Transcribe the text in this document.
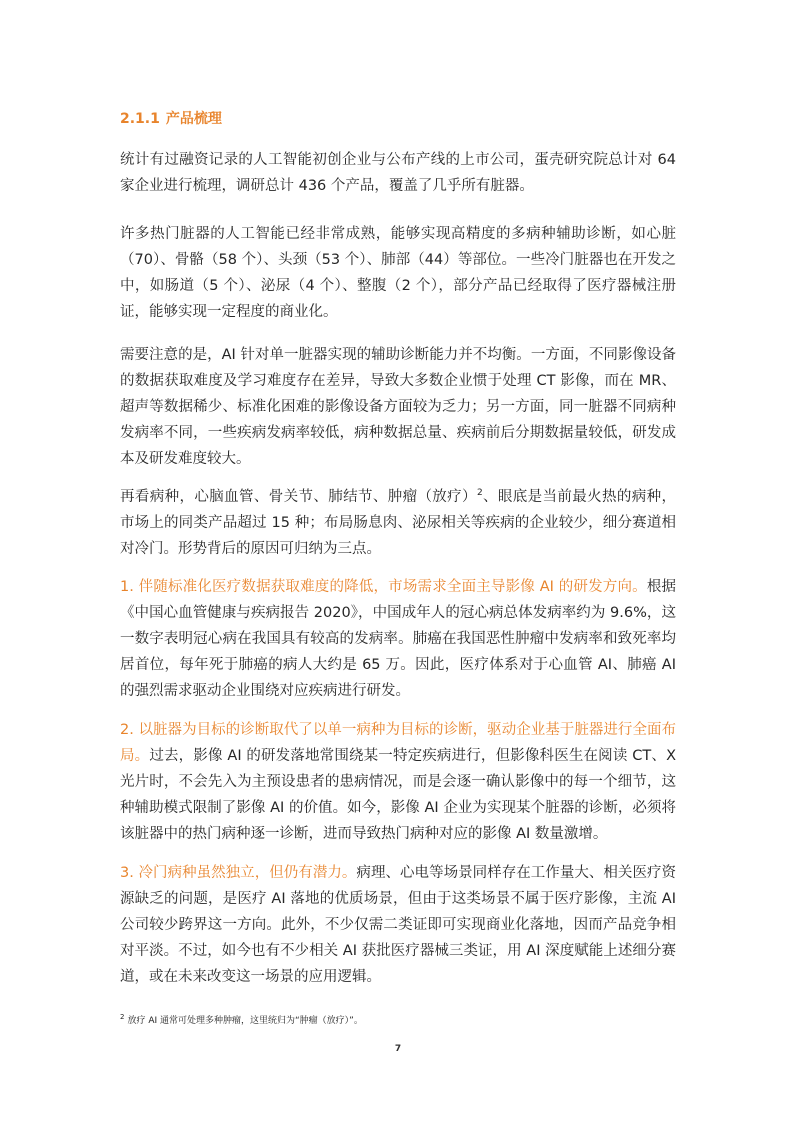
2.1.1 产品梳理

统计有过融资记录的人工智能初创企业与公布产线的上市公司，蛋壳研究院总计对 64 家企业进行梳理，调研总计 436 个产品，覆盖了几乎所有脏器。

许多热门脏器的人工智能已经非常成熟，能够实现高精度的多病种辅助诊断，如心脏（70）、骨骼（58 个）、头颈（53 个）、肺部（44）等部位。一些冷门脏器也在开发之中，如肠道（5 个）、泌尿（4 个）、整腹（2 个），部分产品已经取得了医疗器械注册证，能够实现一定程度的商业化。

需要注意的是，AI 针对单一脏器实现的辅助诊断能力并不均衡。一方面，不同影像设备的数据获取难度及学习难度存在差异，导致大多数企业惯于处理 CT 影像，而在 MR、超声等数据稀少、标准化困难的影像设备方面较为乏力；另一方面，同一脏器不同病种发病率不同，一些疾病发病率较低，病种数据总量、疾病前后分期数据量较低，研发成本及研发难度较大。

再看病种，心脑血管、骨关节、肺结节、肿瘤（放疗）$^2$、眼底是当前最火热的病种，市场上的同类产品超过 15 种；布局肠息肉、泌尿相关等疾病的企业较少，细分赛道相对冷门。形势背后的原因可归纳为三点。

1. 伴随标准化医疗数据获取难度的降低，市场需求全面主导影像 AI 的研发方向。根据《中国心血管健康与疾病报告 2020》，中国成年人的冠心病总体发病率约为 9.6%，这一数字表明冠心病在我国具有较高的发病率。肺癌在我国恶性肿瘤中发病率和致死率均居首位，每年死于肺癌的病人大约是 65 万。因此，医疗体系对于心血管 AI、肺癌 AI 的强烈需求驱动企业围绕对应疾病进行研发。

2. 以脏器为目标的诊断取代了以单一病种为目标的诊断，驱动企业基于脏器进行全面布局。过去，影像 AI 的研发落地常围绕某一特定疾病进行，但影像科医生在阅读 CT、X 光片时，不会先入为主预设患者的患病情况，而是会逐一确认影像中的每一个细节，这种辅助模式限制了影像 AI 的价值。如今，影像 AI 企业为实现某个脏器的诊断，必须将该脏器中的热门病种逐一诊断，进而导致热门病种对应的影像 AI 数量激增。

3. 冷门病种虽然独立，但仍有潜力。病理、心电等场景同样存在工作量大、相关医疗资源缺乏的问题，是医疗 AI 落地的优质场景，但由于这类场景不属于医疗影像，主流 AI 公司较少跨界这一方向。此外，不少仅需二类证即可实现商业化落地，因而产品竞争相对平淡。不过，如今也有不少相关 AI 获批医疗器械三类证，用 AI 深度赋能上述细分赛道，或在未来改变这一场景的应用逻辑。

$^2$ 放疗 AI 通常可处理多种肿瘤，这里统归为“肿瘤（放疗）”。
7
